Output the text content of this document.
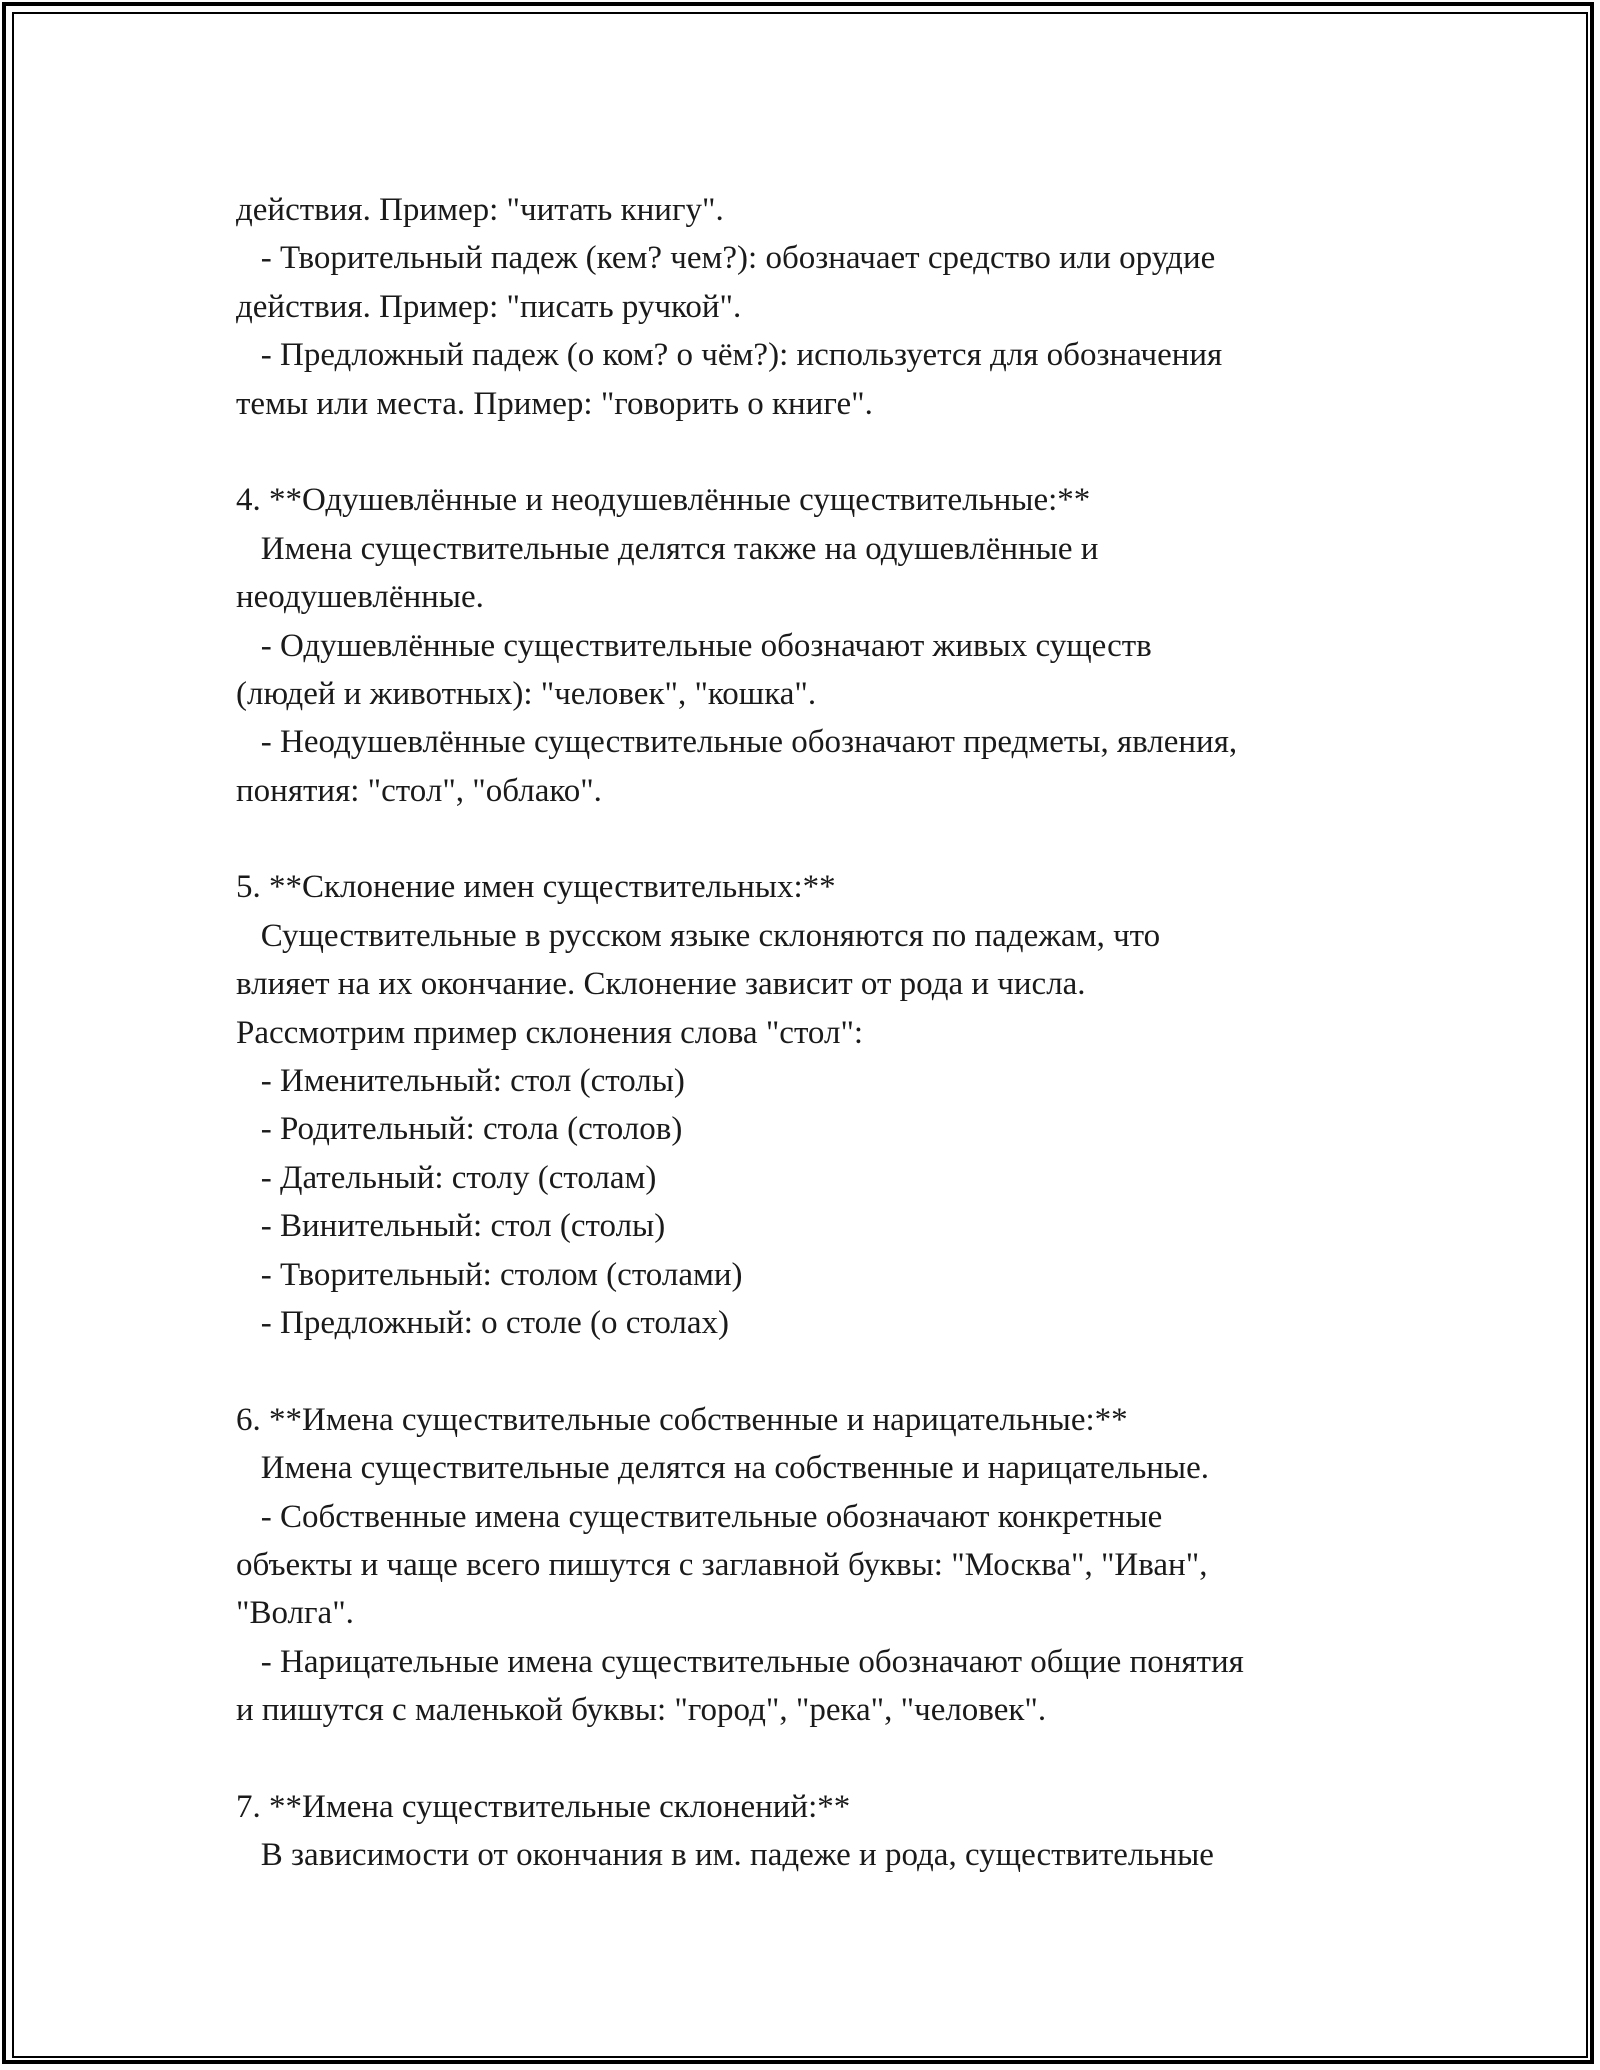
действия. Пример: "читать книгу".
- Творительный падеж (кем? чем?): обозначает средство или орудие
действия. Пример: "писать ручкой".
- Предложный падеж (о ком? о чём?): используется для обозначения
темы или места. Пример: "говорить о книге".
4. **Одушевлённые и неодушевлённые существительные:**
Имена существительные делятся также на одушевлённые и
неодушевлённые.
- Одушевлённые существительные обозначают живых существ
(людей и животных): "человек", "кошка".
- Неодушевлённые существительные обозначают предметы, явления,
понятия: "стол", "облако".
5. **Склонение имен существительных:**
Существительные в русском языке склоняются по падежам, что
влияет на их окончание. Склонение зависит от рода и числа.
Рассмотрим пример склонения слова "стол":
- Именительный: стол (столы)
- Родительный: стола (столов)
- Дательный: столу (столам)
- Винительный: стол (столы)
- Творительный: столом (столами)
- Предложный: о столе (о столах)
6. **Имена существительные собственные и нарицательные:**
Имена существительные делятся на собственные и нарицательные.
- Собственные имена существительные обозначают конкретные
объекты и чаще всего пишутся с заглавной буквы: "Москва", "Иван",
"Волга".
- Нарицательные имена существительные обозначают общие понятия
и пишутся с маленькой буквы: "город", "река", "человек".
7. **Имена существительные склонений:**
В зависимости от окончания в им. падеже и рода, существительные
